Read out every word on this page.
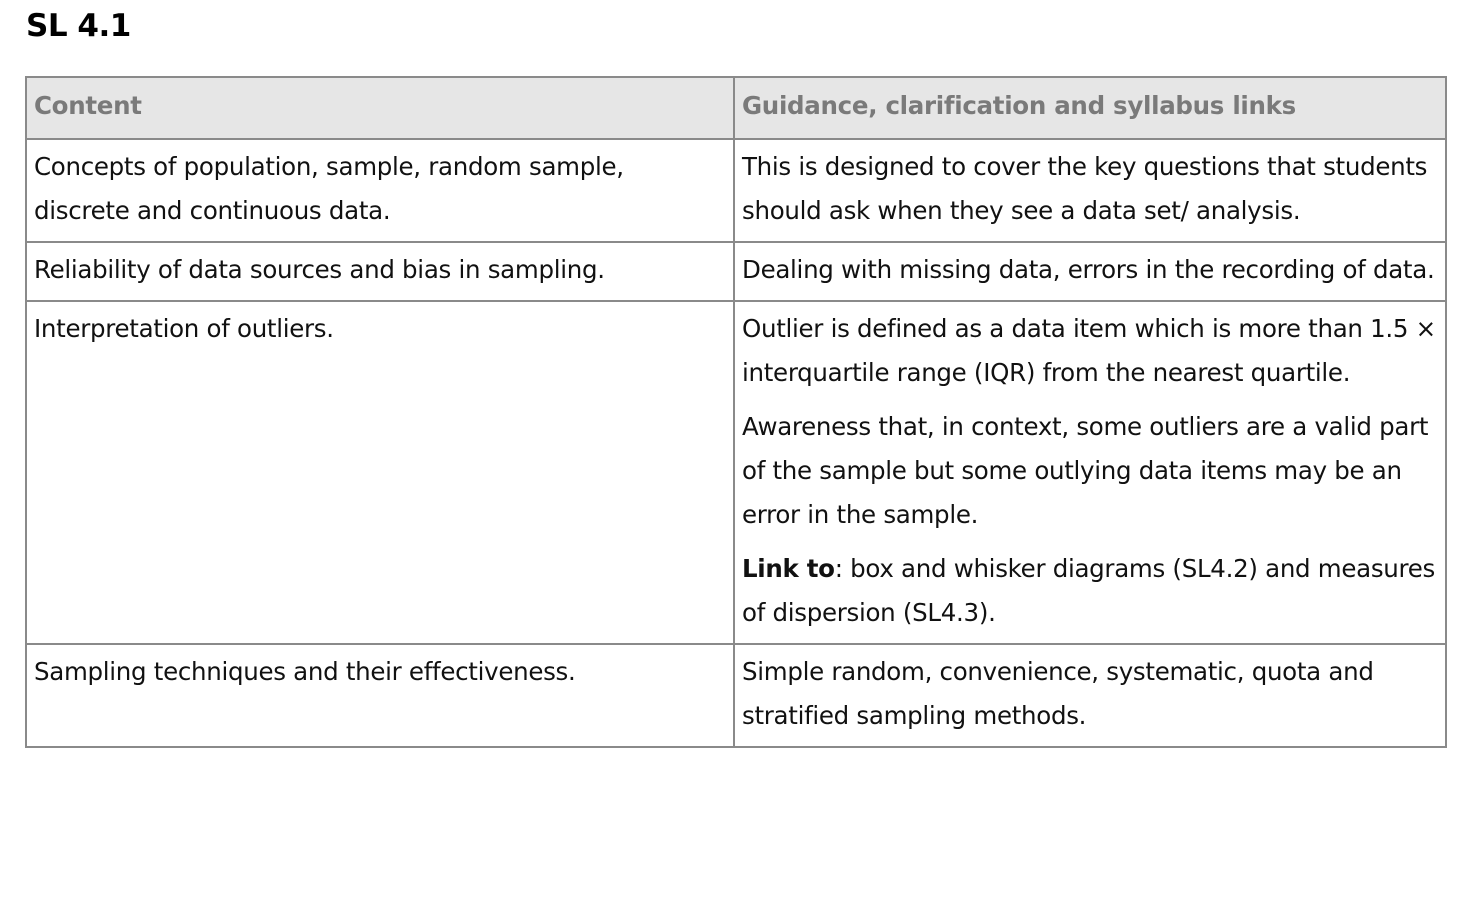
SL 4.1
Content	Guidance, clarification and syllabus links

Concepts of population, sample, random sample, discrete and continuous data.	This is designed to cover the key questions that students should ask when they see a data set/ analysis.

Reliability of data sources and bias in sampling.	Dealing with missing data, errors in the recording of data.

Interpretation of outliers.	Outlier is defined as a data item which is more than 1.5 × interquartile range (IQR) from the nearest quartile.

Awareness that, in context, some outliers are a valid part of the sample but some outlying data items may be an error in the sample.

Link to: box and whisker diagrams (SL4.2) and measures of dispersion (SL4.3).

Sampling techniques and their effectiveness.	Simple random, convenience, systematic, quota and stratified sampling methods.
